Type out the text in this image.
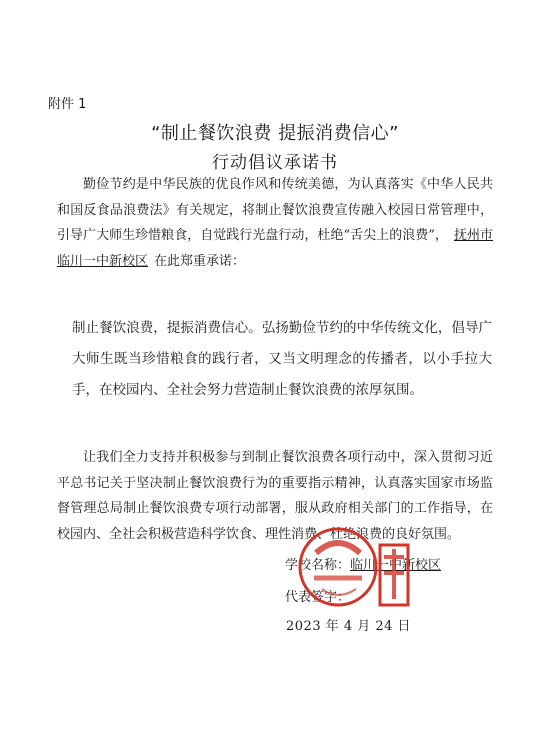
附件 1
“制止餐饮浪费 提振消费信心”
行动倡议承诺书
勤俭节约是中华民族的优良作风和传统美德，为认真落实《中华人民共和国反食品浪费法》有关规定，将制止餐饮浪费宣传融入校园日常管理中，引导广大师生珍惜粮食，自觉践行光盘行动，杜绝“舌尖上的浪费”， 抚州市临川一中新校区 在此郑重承诺：
制止餐饮浪费，提振消费信心。弘扬勤俭节约的中华传统文化，倡导广大师生既当珍惜粮食的践行者，又当文明理念的传播者，以小手拉大手，在校园内、全社会努力营造制止餐饮浪费的浓厚氛围。
让我们全力支持并积极参与到制止餐饮浪费各项行动中，深入贯彻习近平总书记关于坚决制止餐饮浪费行为的重要指示精神，认真落实国家市场监督管理总局制止餐饮浪费专项行动部署，服从政府相关部门的工作指导，在校园内、全社会积极营造科学饮食、理性消费、杜绝浪费的良好氛围。
学校名称：临川一中新校区
代表签字：
2023 年 4 月 24 日
